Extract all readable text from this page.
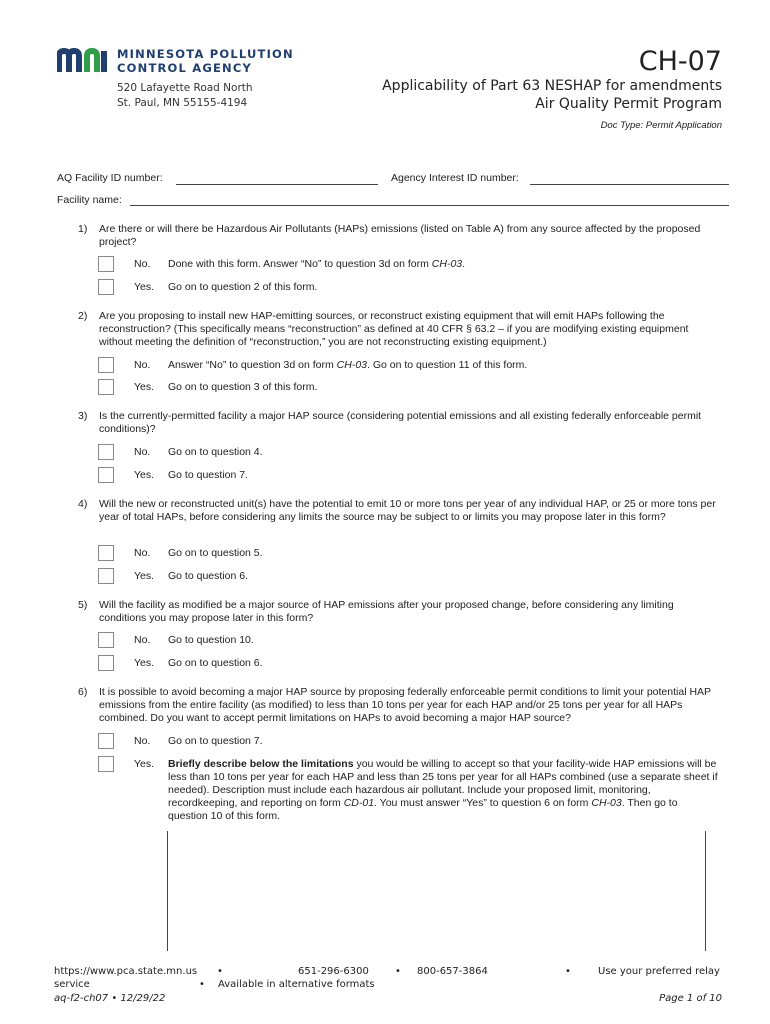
MINNESOTA POLLUTION
CONTROL AGENCY
520 Lafayette Road North
St. Paul, MN 55155-4194
CH-07
Applicability of Part 63 NESHAP for amendments
Air Quality Permit Program
Doc Type: Permit Application
AQ Facility ID number:	Agency Interest ID number:
Facility name:
1)	Are there or will there be Hazardous Air Pollutants (HAPs) emissions (listed on Table A) from any source affected by the proposed project?
No. Done with this form. Answer “No” to question 3d on form CH-03.
Yes. Go on to question 2 of this form.
2)	Are you proposing to install new HAP-emitting sources, or reconstruct existing equipment that will emit HAPs following the reconstruction? (This specifically means “reconstruction” as defined at 40 CFR § 63.2 – if you are modifying existing equipment without meeting the definition of “reconstruction,” you are not reconstructing existing equipment.)
No. Answer “No” to question 3d on form CH-03. Go on to question 11 of this form.
Yes. Go on to question 3 of this form.
3)	Is the currently-permitted facility a major HAP source (considering potential emissions and all existing federally enforceable permit conditions)?
No. Go on to question 4.
Yes. Go to question 7.
4)	Will the new or reconstructed unit(s) have the potential to emit 10 or more tons per year of any individual HAP, or 25 or more tons per year of total HAPs, before considering any limits the source may be subject to or limits you may propose later in this form?
No. Go on to question 5.
Yes. Go to question 6.
5)	Will the facility as modified be a major source of HAP emissions after your proposed change, before considering any limiting conditions you may propose later in this form?
No. Go to question 10.
Yes. Go on to question 6.
6)	It is possible to avoid becoming a major HAP source by proposing federally enforceable permit conditions to limit your potential HAP emissions from the entire facility (as modified) to less than 10 tons per year for each HAP and/or 25 tons per year for all HAPs combined. Do you want to accept permit limitations on HAPs to avoid becoming a major HAP source?
No. Go on to question 7.
Yes. Briefly describe below the limitations you would be willing to accept so that your facility-wide HAP emissions will be less than 10 tons per year for each HAP and less than 25 tons per year for all HAPs combined (use a separate sheet if needed). Description must include each hazardous air pollutant. Include your proposed limit, monitoring, recordkeeping, and reporting on form CD-01. You must answer “Yes” to question 6 on form CH-03. Then go to question 10 of this form.
https://www.pca.state.mn.us •	651-296-6300	• 800-657-3864	•	Use your preferred relay
service	• Available in alternative formats
aq-f2-ch07 • 12/29/22	Page 1 of 10
